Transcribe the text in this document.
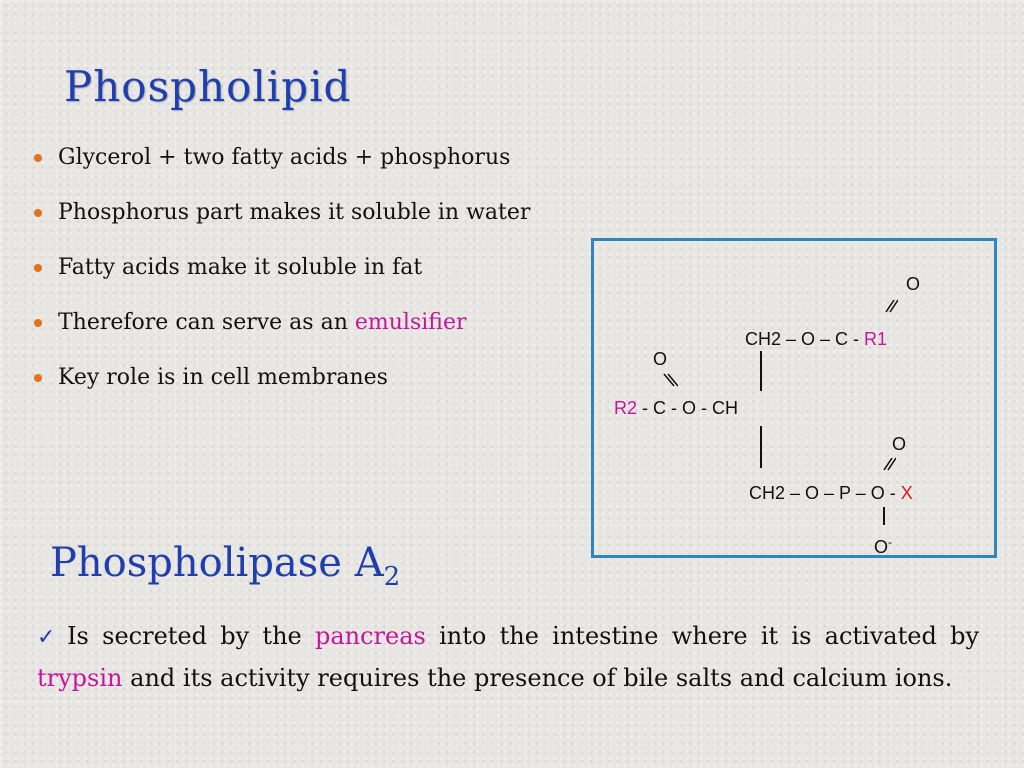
Phospholipid
Glycerol + two fatty acids + phosphorus
Phosphorus part makes it soluble in water
Fatty acids make it soluble in fat
Therefore can serve as an emulsifier
Key role is in cell membranes
O
CH2 – O – C - R1
O
R2 - C - O - CH
O
CH2 – O – P – O - X
O-
Phospholipase $A_2$

✓ Is secreted by the pancreas into the intestine where it is activated by trypsin and its activity requires the presence of bile salts and calcium ions.
